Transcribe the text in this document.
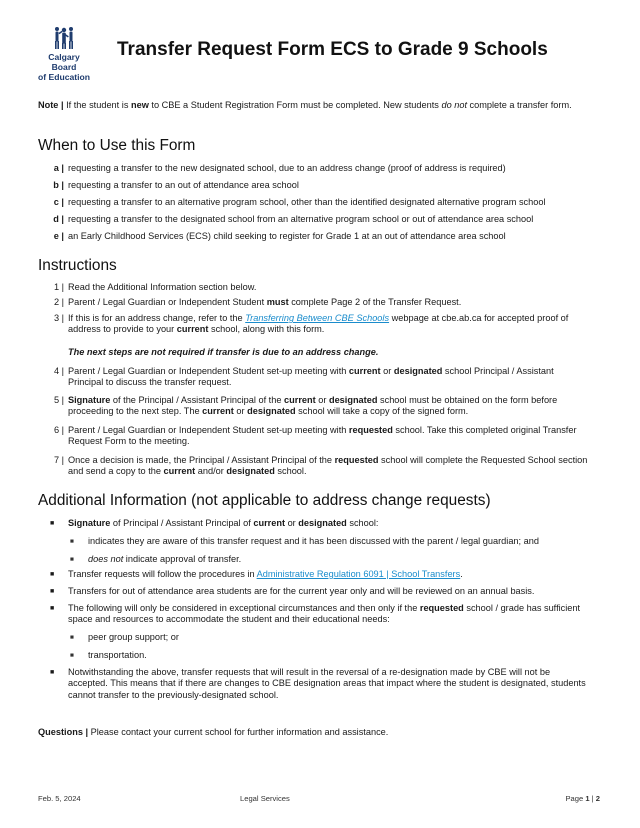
Calgary Board
of Education
Transfer Request Form ECS to Grade 9 Schools
Note | If the student is new to CBE a Student Registration Form must be completed. New students do not complete a transfer form.
When to Use this Form
a | requesting a transfer to the new designated school, due to an address change (proof of address is required)
b | requesting a transfer to an out of attendance area school
c | requesting a transfer to an alternative program school, other than the identified designated alternative program school
d | requesting a transfer to the designated school from an alternative program school or out of attendance area school
e | an Early Childhood Services (ECS) child seeking to register for Grade 1 at an out of attendance area school
Instructions
1 | Read the Additional Information section below.
2 | Parent / Legal Guardian or Independent Student must complete Page 2 of the Transfer Request.
3 | If this is for an address change, refer to the Transferring Between CBE Schools webpage at cbe.ab.ca for accepted proof of
address to provide to your current school, along with this form.
The next steps are not required if transfer is due to an address change.
4 | Parent / Legal Guardian or Independent Student set-up meeting with current or designated school Principal / Assistant
Principal to discuss the transfer request.
5 | Signature of the Principal / Assistant Principal of the current or designated school must be obtained on the form before
proceeding to the next step. The current or designated school will take a copy of the signed form.
6 | Parent / Legal Guardian or Independent Student set-up meeting with requested school. Take this completed original Transfer
Request Form to the meeting.
7 | Once a decision is made, the Principal / Assistant Principal of the requested school will complete the Requested School section
and send a copy to the current and/or designated school.
Additional Information (not applicable to address change requests)
■ Signature of Principal / Assistant Principal of current or designated school:
■ indicates they are aware of this transfer request and it has been discussed with the parent / legal guardian; and
■ does not indicate approval of transfer.
■ Transfer requests will follow the procedures in Administrative Regulation 6091 | School Transfers.
■ Transfers for out of attendance area students are for the current year only and will be reviewed on an annual basis.
■ The following will only be considered in exceptional circumstances and then only if the requested school / grade has sufficient
space and resources to accommodate the student and their educational needs:
■ peer group support; or
■ transportation.
■ Notwithstanding the above, transfer requests that will result in the reversal of a re-designation made by CBE will not be
accepted. This means that if there are changes to CBE designation areas that impact where the student is designated, students
cannot transfer to the previously-designated school.
Questions | Please contact your current school for further information and assistance.
Feb. 5, 2024	Legal Services	Page 1 | 2
